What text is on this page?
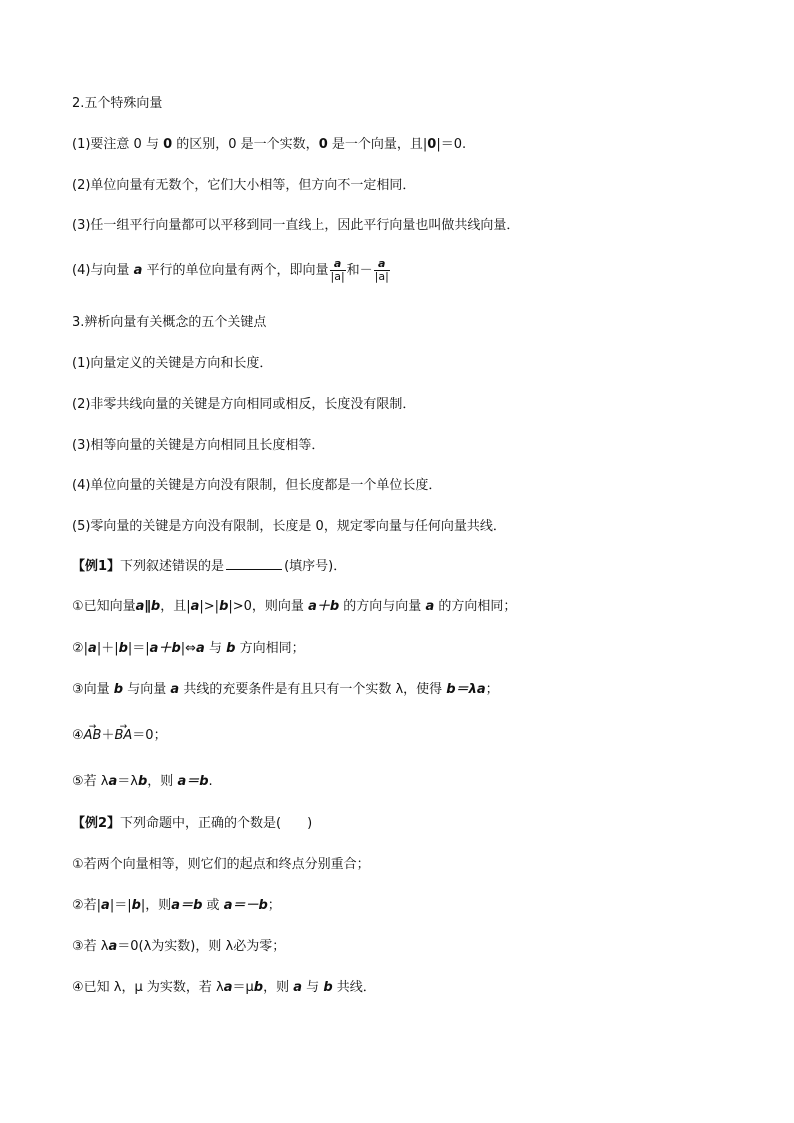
2.五个特殊向量
(1)要注意 0 与 0 的区别，0 是一个实数，0 是一个向量，且|0|＝0.
(2)单位向量有无数个，它们大小相等，但方向不一定相同．
(3)任一组平行向量都可以平移到同一直线上，因此平行向量也叫做共线向量．
(4)与向量 a 平行的单位向量有两个，即向量 $\frac{a}{|a|}$ 和－ $\frac{a}{|a|}$
3.辨析向量有关概念的五个关键点
(1)向量定义的关键是方向和长度．
(2)非零共线向量的关键是方向相同或相反，长度没有限制．
(3)相等向量的关键是方向相同且长度相等．
(4)单位向量的关键是方向没有限制，但长度都是一个单位长度．
(5)零向量的关键是方向没有限制，长度是 0，规定零向量与任何向量共线．
【例1】下列叙述错误的是	(填序号)．
①已知向量a∥b，且|a|>|b|>0，则向量 a＋b 的方向与向量 a 的方向相同；
②|a|＋|b|＝|a＋b|⇔a 与 b 方向相同；
③向量 b 与向量 a 共线的充要条件是有且只有一个实数 λ，使得 b＝λa；
④→ AB＋→ BA＝0；
⑤若 λa＝λb，则 a＝b.
【例2】下列命题中，正确的个数是(　　)
①若两个向量相等，则它们的起点和终点分别重合；
②若|a|＝|b|，则a＝b 或 a＝－b；
③若 λa＝0(λ为实数)，则 λ必为零；
④已知 λ，μ 为实数，若 λa＝μb，则 a 与 b 共线．
